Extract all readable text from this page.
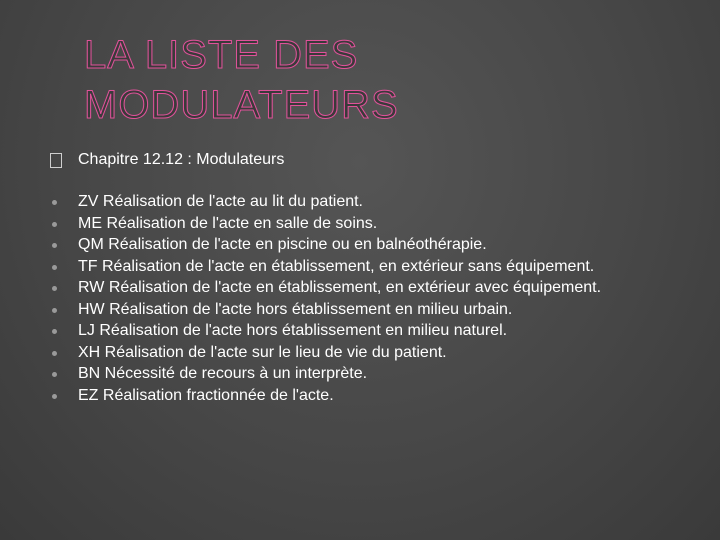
LA LISTE DES
MODULATEURS
Chapitre 12.12 : Modulateurs
ZV Réalisation de l'acte au lit du patient.
ME Réalisation de l'acte en salle de soins.
QM Réalisation de l'acte en piscine ou en balnéothérapie.
TF Réalisation de l'acte en établissement, en extérieur sans équipement.
RW Réalisation de l'acte en établissement, en extérieur avec équipement.
HW Réalisation de l'acte hors établissement en milieu urbain.
LJ Réalisation de l'acte hors établissement en milieu naturel.
XH Réalisation de l'acte sur le lieu de vie du patient.
BN Nécessité de recours à un interprète.
EZ Réalisation fractionnée de l'acte.
